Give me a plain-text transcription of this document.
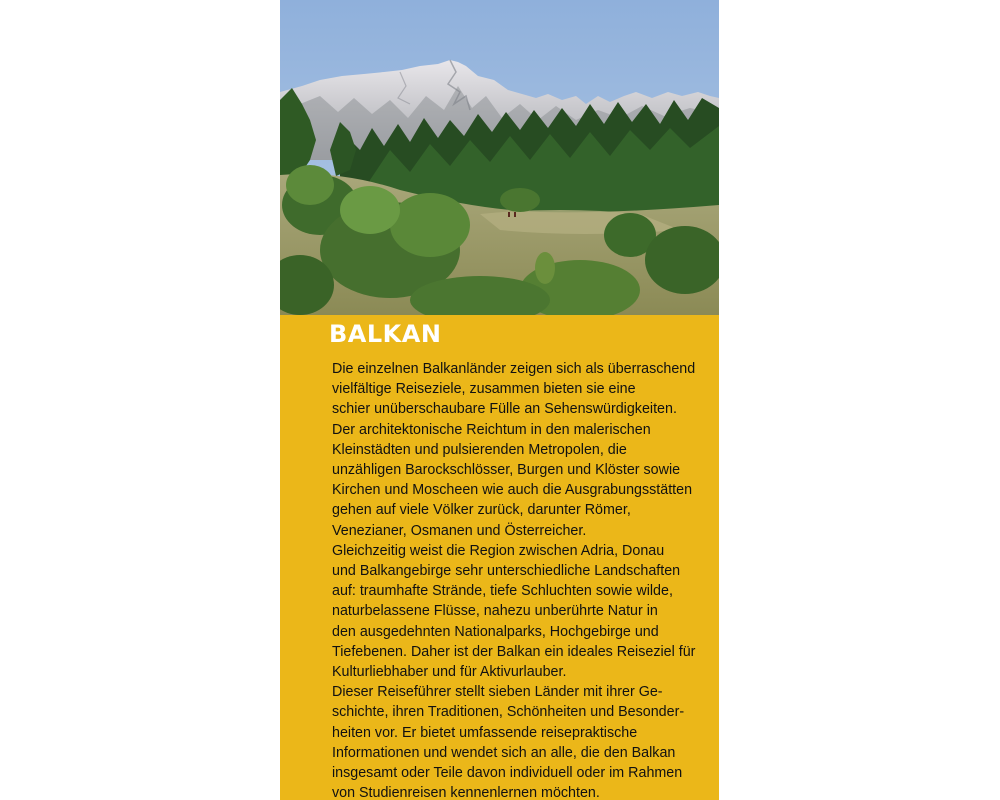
BALKAN
Die einzelnen Balkanländer zeigen sich als überraschend
vielfältige Reiseziele, zusammen bieten sie eine
schier unüberschaubare Fülle an Sehenswürdigkeiten.
Der architektonische Reichtum in den malerischen
Kleinstädten und pulsierenden Metropolen, die
unzähligen Barockschlösser, Burgen und Klöster sowie
Kirchen und Moscheen wie auch die Ausgrabungsstätten
gehen auf viele Völker zurück, darunter Römer,
Venezianer, Osmanen und Österreicher.
Gleichzeitig weist die Region zwischen Adria, Donau
und Balkangebirge sehr unterschiedliche Landschaften
auf: traumhafte Strände, tiefe Schluchten sowie wilde,
naturbelassene Flüsse, nahezu unberührte Natur in
den ausgedehnten Nationalparks, Hochgebirge und
Tiefebenen. Daher ist der Balkan ein ideales Reiseziel für
Kulturliebhaber und für Aktivurlauber.
Dieser Reiseführer stellt sieben Länder mit ihrer Ge-
schichte, ihren Traditionen, Schönheiten und Besonder-
heiten vor. Er bietet umfassende reisepraktische
Informationen und wendet sich an alle, die den Balkan
insgesamt oder Teile davon individuell oder im Rahmen
von Studienreisen kennenlernen möchten.
